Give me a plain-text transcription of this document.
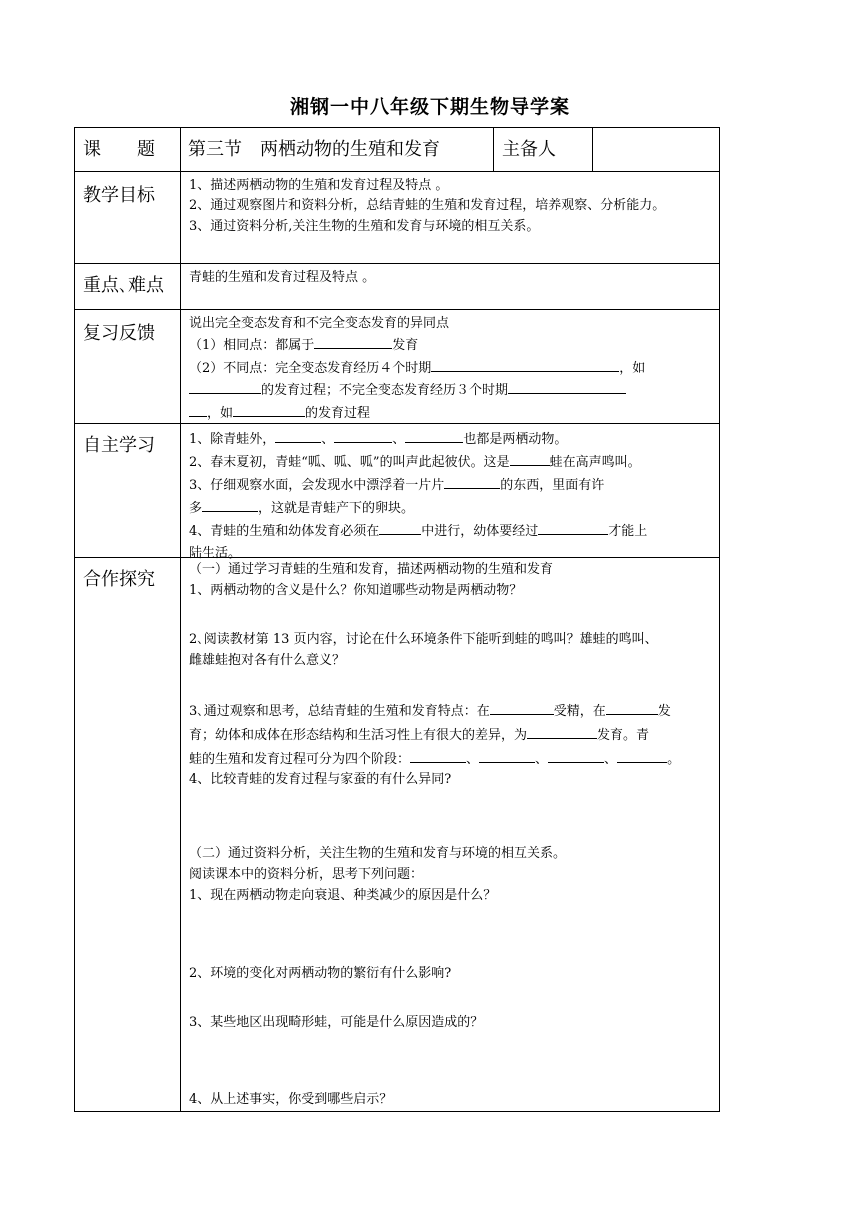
湘钢一中八年级下期生物导学案
课　　题	第三节　两栖动物的生殖和发育	主备人
教学目标	1、描述两栖动物的生殖和发育过程及特点 。

2、通过观察图片和资料分析，总结青蛙的生殖和发育过程，培养观察、分析能力。

3、通过资料分析,关注生物的生殖和发育与环境的相互关系。

重点､难点	青蛙的生殖和发育过程及特点 。

复习反馈	说出完全变态发育和不完全变态发育的异同点

（1）相同点：都属于	发育

（2）不同点：完全变态发育经历４个时期	，如

的发育过程；不完全变态发育经历３个时期

，如	的发育过程

自主学习	1、除青蛙外，	、	、	也都是两栖动物。

2、春末夏初，青蛙“呱、呱、呱”的叫声此起彼伏。这是	蛙在高声鸣叫。

3、仔细观察水面，会发现水中漂浮着一片片	的东西，里面有许

多	，这就是青蛙产下的卵块。

4、青蛙的生殖和幼体发育必须在	中进行，幼体要经过	才能上

陆生活。

合作探究	（一）通过学习青蛙的生殖和发育，描述两栖动物的生殖和发育

1、两栖动物的含义是什么？你知道哪些动物是两栖动物？

2､阅读教材第 13 页内容，讨论在什么环境条件下能听到蛙的鸣叫？雄蛙的鸣叫、

雌雄蛙抱对各有什么意义？

3､通过观察和思考，总结青蛙的生殖和发育特点：在	受精，在	发

育；幼体和成体在形态结构和生活习性上有很大的差异，为	发育。青

蛙的生殖和发育过程可分为四个阶段：	、	、	、	。

4、比较青蛙的发育过程与家蚕的有什么异同?

（二）通过资料分析，关注生物的生殖和发育与环境的相互关系。

阅读课本中的资料分析，思考下列问题：

1、现在两栖动物走向衰退、种类减少的原因是什么？

2、环境的变化对两栖动物的繁衍有什么影响?

3、某些地区出现畸形蛙，可能是什么原因造成的？

4、从上述事实，你受到哪些启示？
